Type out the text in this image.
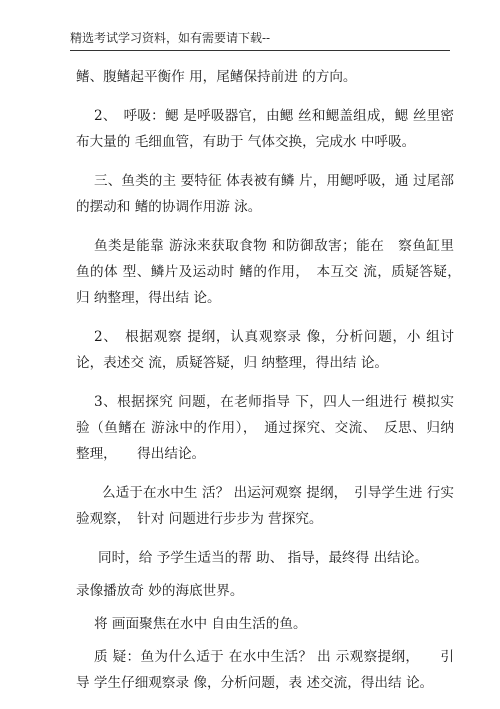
精选考试学习资料，如有需要请下载--

鳍、腹鳍起平衡作 用，尾鳍保持前进 的方向。

2、　呼吸：鳃 是呼吸器官，由鳃 丝和鳃盖组成，鳃 丝里密布大量的 毛细血管，有助于 气体交换，完成水 中呼吸。

三、鱼类的主 要特征 体表被有鳞 片，用鳃呼吸，通 过尾部的摆动和 鳍的协调作用游 泳。

鱼类是能靠 游泳来获取食物 和防御敌害；能在　察鱼缸里鱼的体 型、鳞片及运动时 鳍的作用，　本互交 流，质疑答疑，　归 纳整理，得出结 论。

2、　根据观察 提纲，认真观察录 像，分析问题，小 组讨论，表述交 流，质疑答疑，归 纳整理，得出结 论。

3、根据探究 问题，在老师指导 下，四人一组进行 模拟实验（鱼鳍在 游泳中的作用），　通过探究、交流、　反思、归纳整理，　　得出结论。

么适于在水中生 活？ 出运河观察 提纲，　引导学生进 行实验观察，　针对 问题进行步步为 营探究。

同时，给 予学生适当的帮 助、 指导，最终得 出结论。

录像播放奇 妙的海底世界。

将 画面聚焦在水中 自由生活的鱼。

质 疑：鱼为什么适于 在水中生活？ 出 示观察提纲，　　引导 学生仔细观察录 像，分析问题，表 述交流，得出结 论。
